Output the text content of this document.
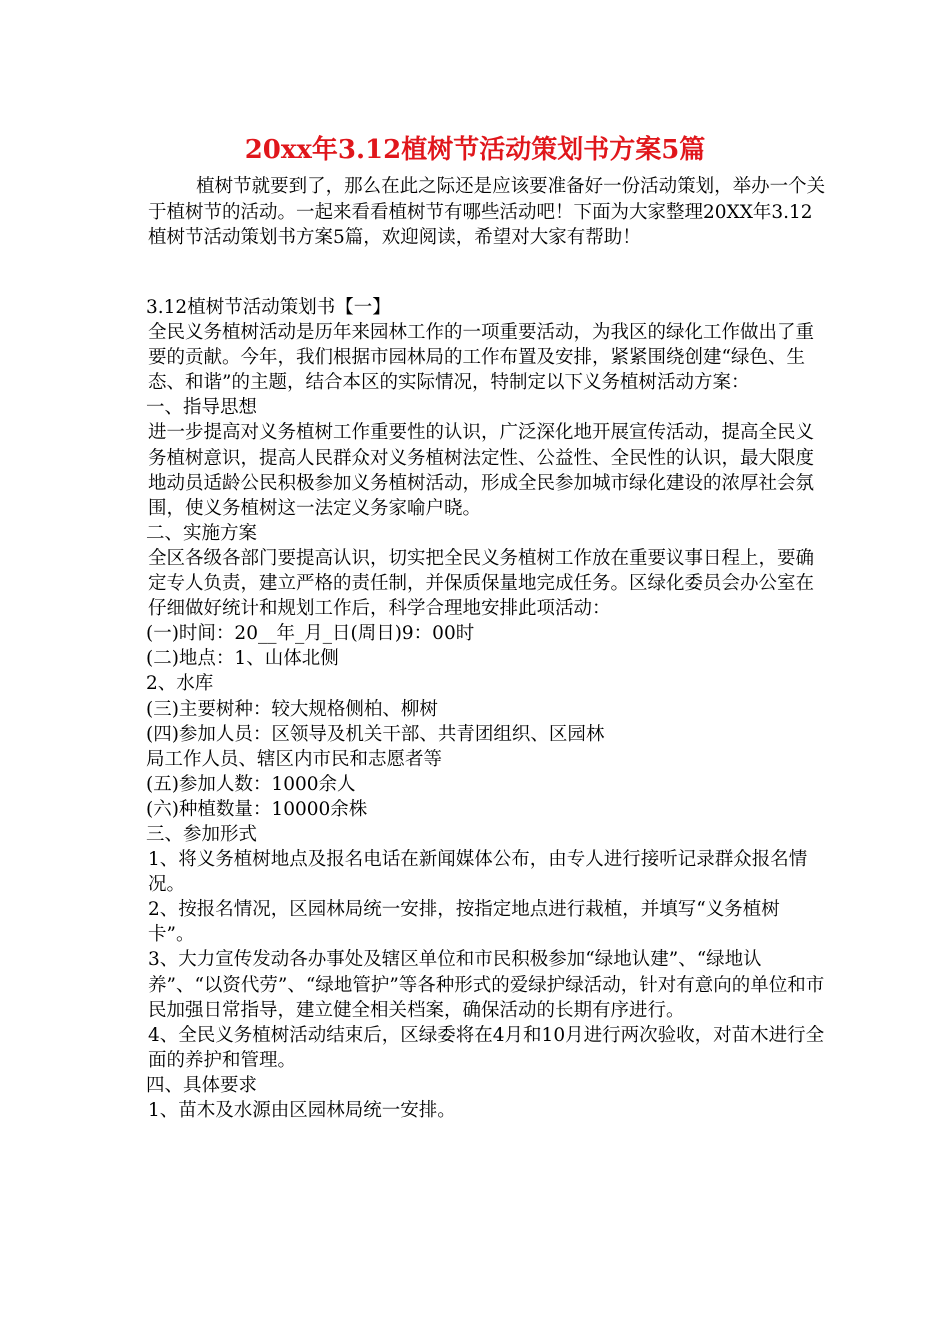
20xx年3.12植树节活动策划书方案5篇

植树节就要到了，那么在此之际还是应该要准备好一份活动策划，举办一个关于植树节的活动。一起来看看植树节有哪些活动吧！下面为大家整理20XX年3.12植树节活动策划书方案5篇，欢迎阅读，希望对大家有帮助！

3.12植树节活动策划书【一】

全民义务植树活动是历年来园林工作的一项重要活动，为我区的绿化工作做出了重要的贡献。今年，我们根据市园林局的工作布置及安排，紧紧围绕创建“绿色、生态、和谐”的主题，结合本区的实际情况，特制定以下义务植树活动方案：

一、指导思想

进一步提高对义务植树工作重要性的认识，广泛深化地开展宣传活动，提高全民义务植树意识，提高人民群众对义务植树法定性、公益性、全民性的认识，最大限度地动员适龄公民积极参加义务植树活动，形成全民参加城市绿化建设的浓厚社会氛围，使义务植树这一法定义务家喻户晓。

二、实施方案

全区各级各部门要提高认识，切实把全民义务植树工作放在重要议事日程上，要确定专人负责，建立严格的责任制，并保质保量地完成任务。区绿化委员会办公室在仔细做好统计和规划工作后，科学合理地安排此项活动：

(一)时间：20__年_月_日(周日)9：00时

(二)地点：1、山体北侧

2、水库

(三)主要树种：较大规格侧柏、柳树

(四)参加人员：区领导及机关干部、共青团组织、区园林

局工作人员、辖区内市民和志愿者等

(五)参加人数：1000余人

(六)种植数量：10000余株

三、参加形式

1、将义务植树地点及报名电话在新闻媒体公布，由专人进行接听记录群众报名情况。

2、按报名情况，区园林局统一安排，按指定地点进行栽植，并填写“义务植树卡”。

3、大力宣传发动各办事处及辖区单位和市民积极参加“绿地认建”、“绿地认养”、“以资代劳”、“绿地管护”等各种形式的爱绿护绿活动，针对有意向的单位和市民加强日常指导，建立健全相关档案，确保活动的长期有序进行。

4、全民义务植树活动结束后，区绿委将在4月和10月进行两次验收，对苗木进行全面的养护和管理。

四、具体要求

1、苗木及水源由区园林局统一安排。
